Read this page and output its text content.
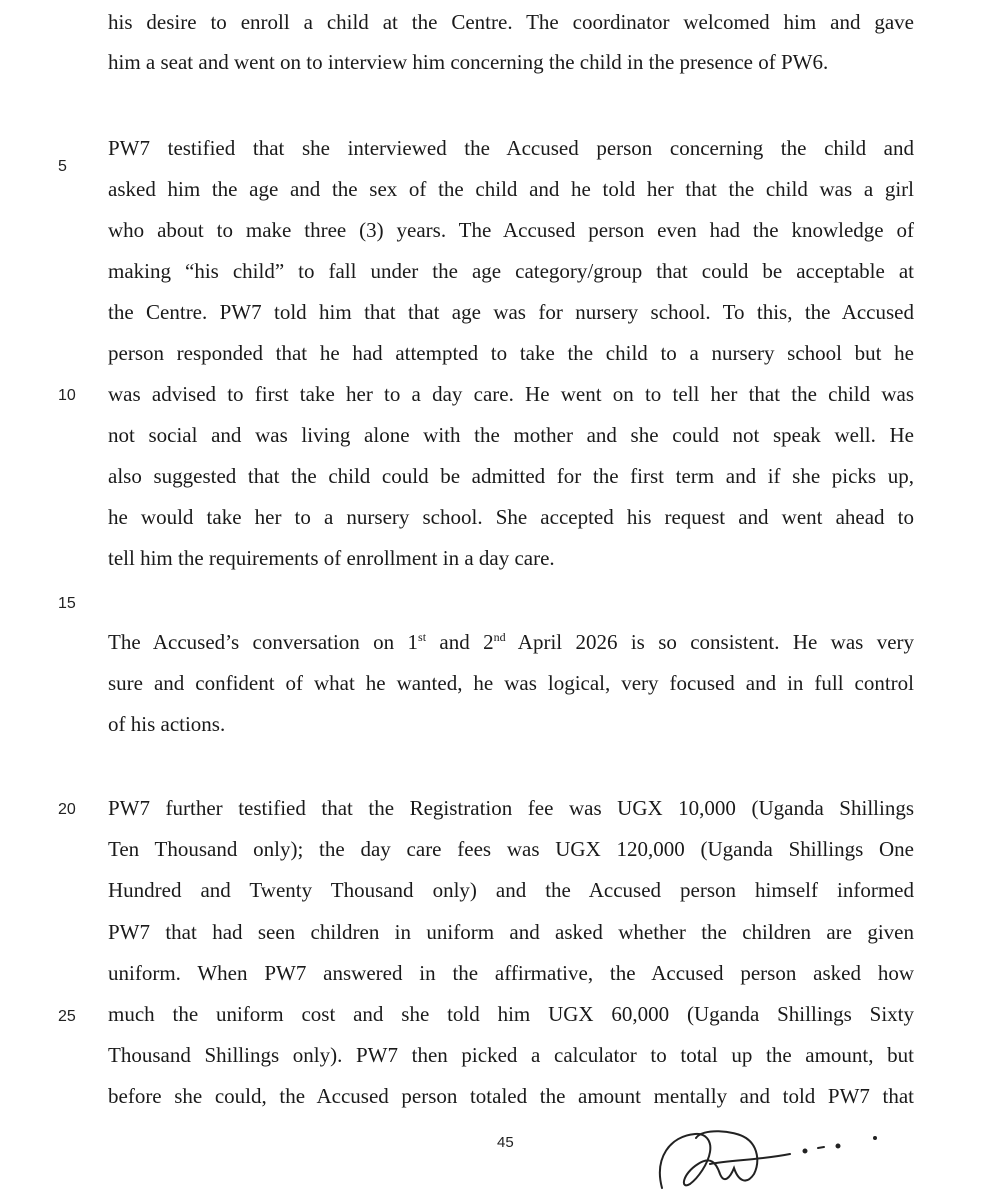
5
10
15
20
25
his desire to enroll a child at the Centre. The coordinator welcomed him and gave
him a seat and went on to interview him concerning the child in the presence of PW6.
PW7 testified that she interviewed the Accused person concerning the child and
asked him the age and the sex of the child and he told her that the child was a girl
who about to make three (3) years. The Accused person even had the knowledge of
making “his child” to fall under the age category/group that could be acceptable at
the Centre. PW7 told him that that age was for nursery school. To this, the Accused
person responded that he had attempted to take the child to a nursery school but he
was advised to first take her to a day care. He went on to tell her that the child was
not social and was living alone with the mother and she could not speak well. He
also suggested that the child could be admitted for the first term and if she picks up,
he would take her to a nursery school. She accepted his request and went ahead to
tell him the requirements of enrollment in a day care.
The Accused’s conversation on 1st and 2nd April 2026 is so consistent. He was very
sure and confident of what he wanted, he was logical, very focused and in full control
of his actions.
PW7 further testified that the Registration fee was UGX 10,000 (Uganda Shillings
Ten Thousand only); the day care fees was UGX 120,000 (Uganda Shillings One
Hundred and Twenty Thousand only) and the Accused person himself informed
PW7 that had seen children in uniform and asked whether the children are given
uniform. When PW7 answered in the affirmative, the Accused person asked how
much the uniform cost and she told him UGX 60,000 (Uganda Shillings Sixty
Thousand Shillings only). PW7 then picked a calculator to total up the amount, but
before she could, the Accused person totaled the amount mentally and told PW7 that
45
